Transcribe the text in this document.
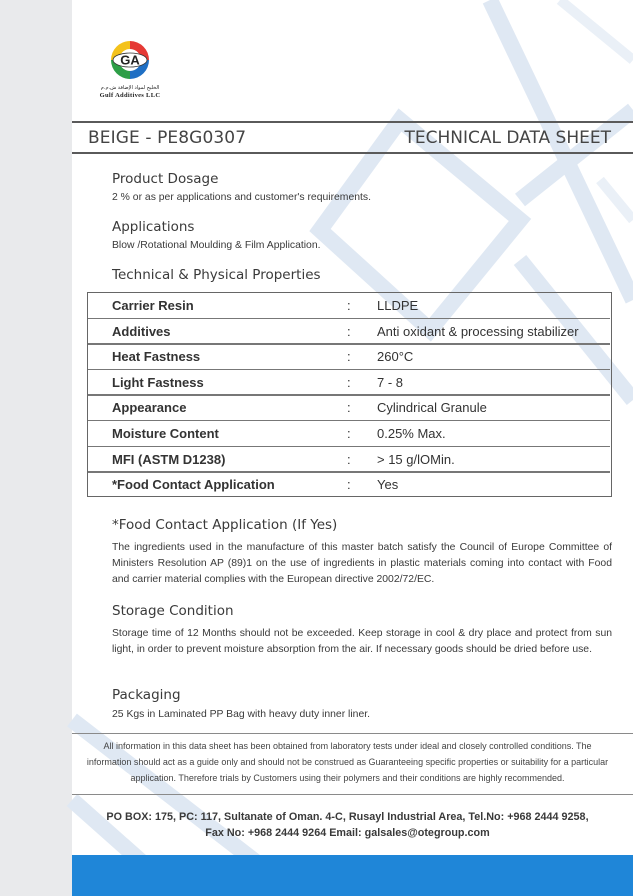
GA
الخليج لمواد الإضافة ش.م.م
Gulf Additives LLC
BEIGE - PE8G0307	TECHNICAL DATA SHEET
Product Dosage
2 % or as per applications and customer's requirements.
Applications
Blow /Rotational Moulding & Film Application.
Technical & Physical Properties
Carrier Resin	: LLDPE
Additives	: Anti oxidant & processing stabilizer
Heat Fastness	: 260°C
Light Fastness	: 7 - 8
Appearance	: Cylindrical Granule
Moisture Content	: 0.25% Max.
MFI (ASTM D1238)	: > 15 g/lOMin.
*Food Contact Application	: Yes
*Food Contact Application (If Yes)
The ingredients used in the manufacture of this master batch satisfy the Council of Europe Committee of Ministers Resolution AP (89)1 on the use of ingredients in plastic materials coming into contact with Food and carrier material complies with the European directive 2002/72/EC.
Storage Condition
Storage time of 12 Months should not be exceeded. Keep storage in cool & dry place and protect from sun light, in order to prevent moisture absorption from the air. If necessary goods should be dried before use.
Packaging
25 Kgs in Laminated PP Bag with heavy duty inner liner.
All information in this data sheet has been obtained from laboratory tests under ideal and closely controlled conditions. The information should act as a guide only and should not be construed as Guaranteeing specific properties or suitability for a particular application. Therefore trials by Customers using their polymers and their conditions are highly recommended.
PO BOX: 175, PC: 117, Sultanate of Oman. 4-C, Rusayl Industrial Area, Tel.No: +968 2444 9258,
Fax No: +968 2444 9264 Email: galsales@otegroup.com
